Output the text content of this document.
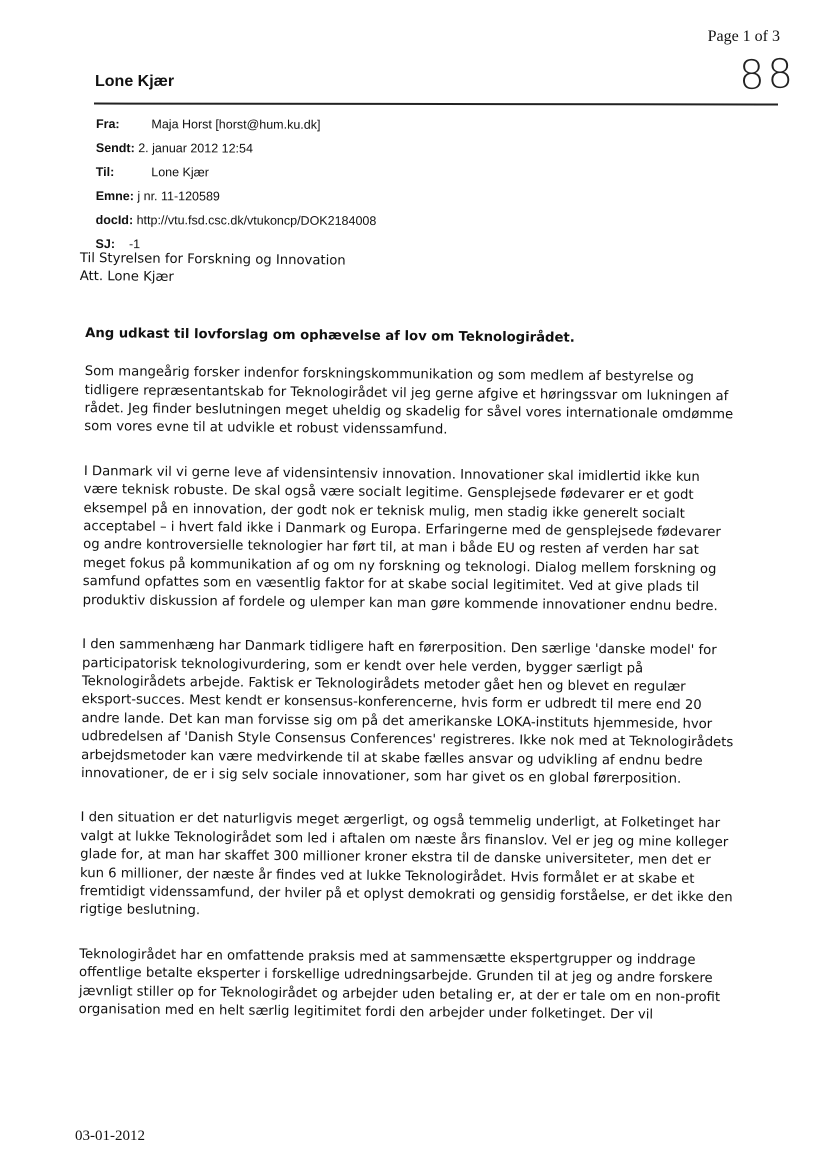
Page 1 of 3
88
Lone Kjær
Fra:	Maja Horst [horst@hum.ku.dk]
Sendt: 2. januar 2012 12:54
Til:	Lone Kjær
Emne: j nr. 11-120589
docId: http://vtu.fsd.csc.dk/vtukoncp/DOK2184008
SJ: -1

Til Styrelsen for Forskning og Innovation

Att. Lone Kjær

Ang udkast til lovforslag om ophævelse af lov om Teknologirådet.

Som mangeårig forsker indenfor forskningskommunikation og som medlem af bestyrelse og tidligere repræsentantskab for Teknologirådet vil jeg gerne afgive et høringssvar om lukningen af rådet. Jeg finder beslutningen meget uheldig og skadelig for såvel vores internationale omdømme som vores evne til at udvikle et robust videnssamfund.

I Danmark vil vi gerne leve af vidensintensiv innovation. Innovationer skal imidlertid ikke kun være teknisk robuste. De skal også være socialt legitime. Gensplejsede fødevarer er et godt eksempel på en innovation, der godt nok er teknisk mulig, men stadig ikke generelt socialt acceptabel – i hvert fald ikke i Danmark og Europa. Erfaringerne med de gensplejsede fødevarer og andre kontroversielle teknologier har ført til, at man i både EU og resten af verden har sat meget fokus på kommunikation af og om ny forskning og teknologi. Dialog mellem forskning og samfund opfattes som en væsentlig faktor for at skabe social legitimitet. Ved at give plads til produktiv diskussion af fordele og ulemper kan man gøre kommende innovationer endnu bedre.

I den sammenhæng har Danmark tidligere haft en førerposition. Den særlige 'danske model' for participatorisk teknologivurdering, som er kendt over hele verden, bygger særligt på Teknologirådets arbejde. Faktisk er Teknologirådets metoder gået hen og blevet en regulær eksport-succes. Mest kendt er konsensus-konferencerne, hvis form er udbredt til mere end 20 andre lande. Det kan man forvisse sig om på det amerikanske LOKA-instituts hjemmeside, hvor udbredelsen af 'Danish Style Consensus Conferences' registreres. Ikke nok med at Teknologirådets arbejdsmetoder kan være medvirkende til at skabe fælles ansvar og udvikling af endnu bedre innovationer, de er i sig selv sociale innovationer, som har givet os en global førerposition.

I den situation er det naturligvis meget ærgerligt, og også temmelig underligt, at Folketinget har valgt at lukke Teknologirådet som led i aftalen om næste års finanslov. Vel er jeg og mine kolleger glade for, at man har skaffet 300 millioner kroner ekstra til de danske universiteter, men det er kun 6 millioner, der næste år findes ved at lukke Teknologirådet. Hvis formålet er at skabe et fremtidigt videnssamfund, der hviler på et oplyst demokrati og gensidig forståelse, er det ikke den rigtige beslutning.

Teknologirådet har en omfattende praksis med at sammensætte ekspertgrupper og inddrage offentlige betalte eksperter i forskellige udredningsarbejde. Grunden til at jeg og andre forskere jævnligt stiller op for Teknologirådet og arbejder uden betaling er, at der er tale om en non-profit organisation med en helt særlig legitimitet fordi den arbejder under folketinget. Der vil

03-01-2012
